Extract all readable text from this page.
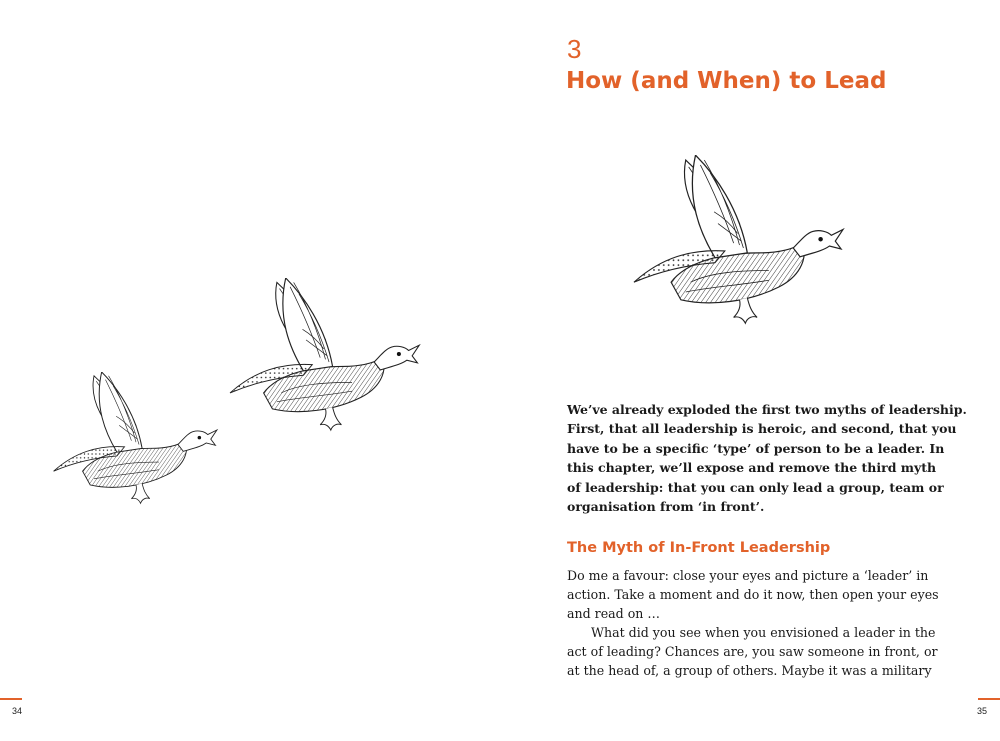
34
3
How (and When) to Lead

We’ve already exploded the first two myths of leadership.
First, that all leadership is heroic, and second, that you
have to be a specific ‘type’ of person to be a leader. In
this chapter, we’ll expose and remove the third myth
of leadership: that you can only lead a group, team or
organisation from ‘in front’.

The Myth of In-Front Leadership

Do me a favour: close your eyes and picture a ‘leader’ in
action. Take a moment and do it now, then open your eyes
and read on …
What did you see when you envisioned a leader in the
act of leading? Chances are, you saw someone in front, or
at the head of, a group of others. Maybe it was a military

35
